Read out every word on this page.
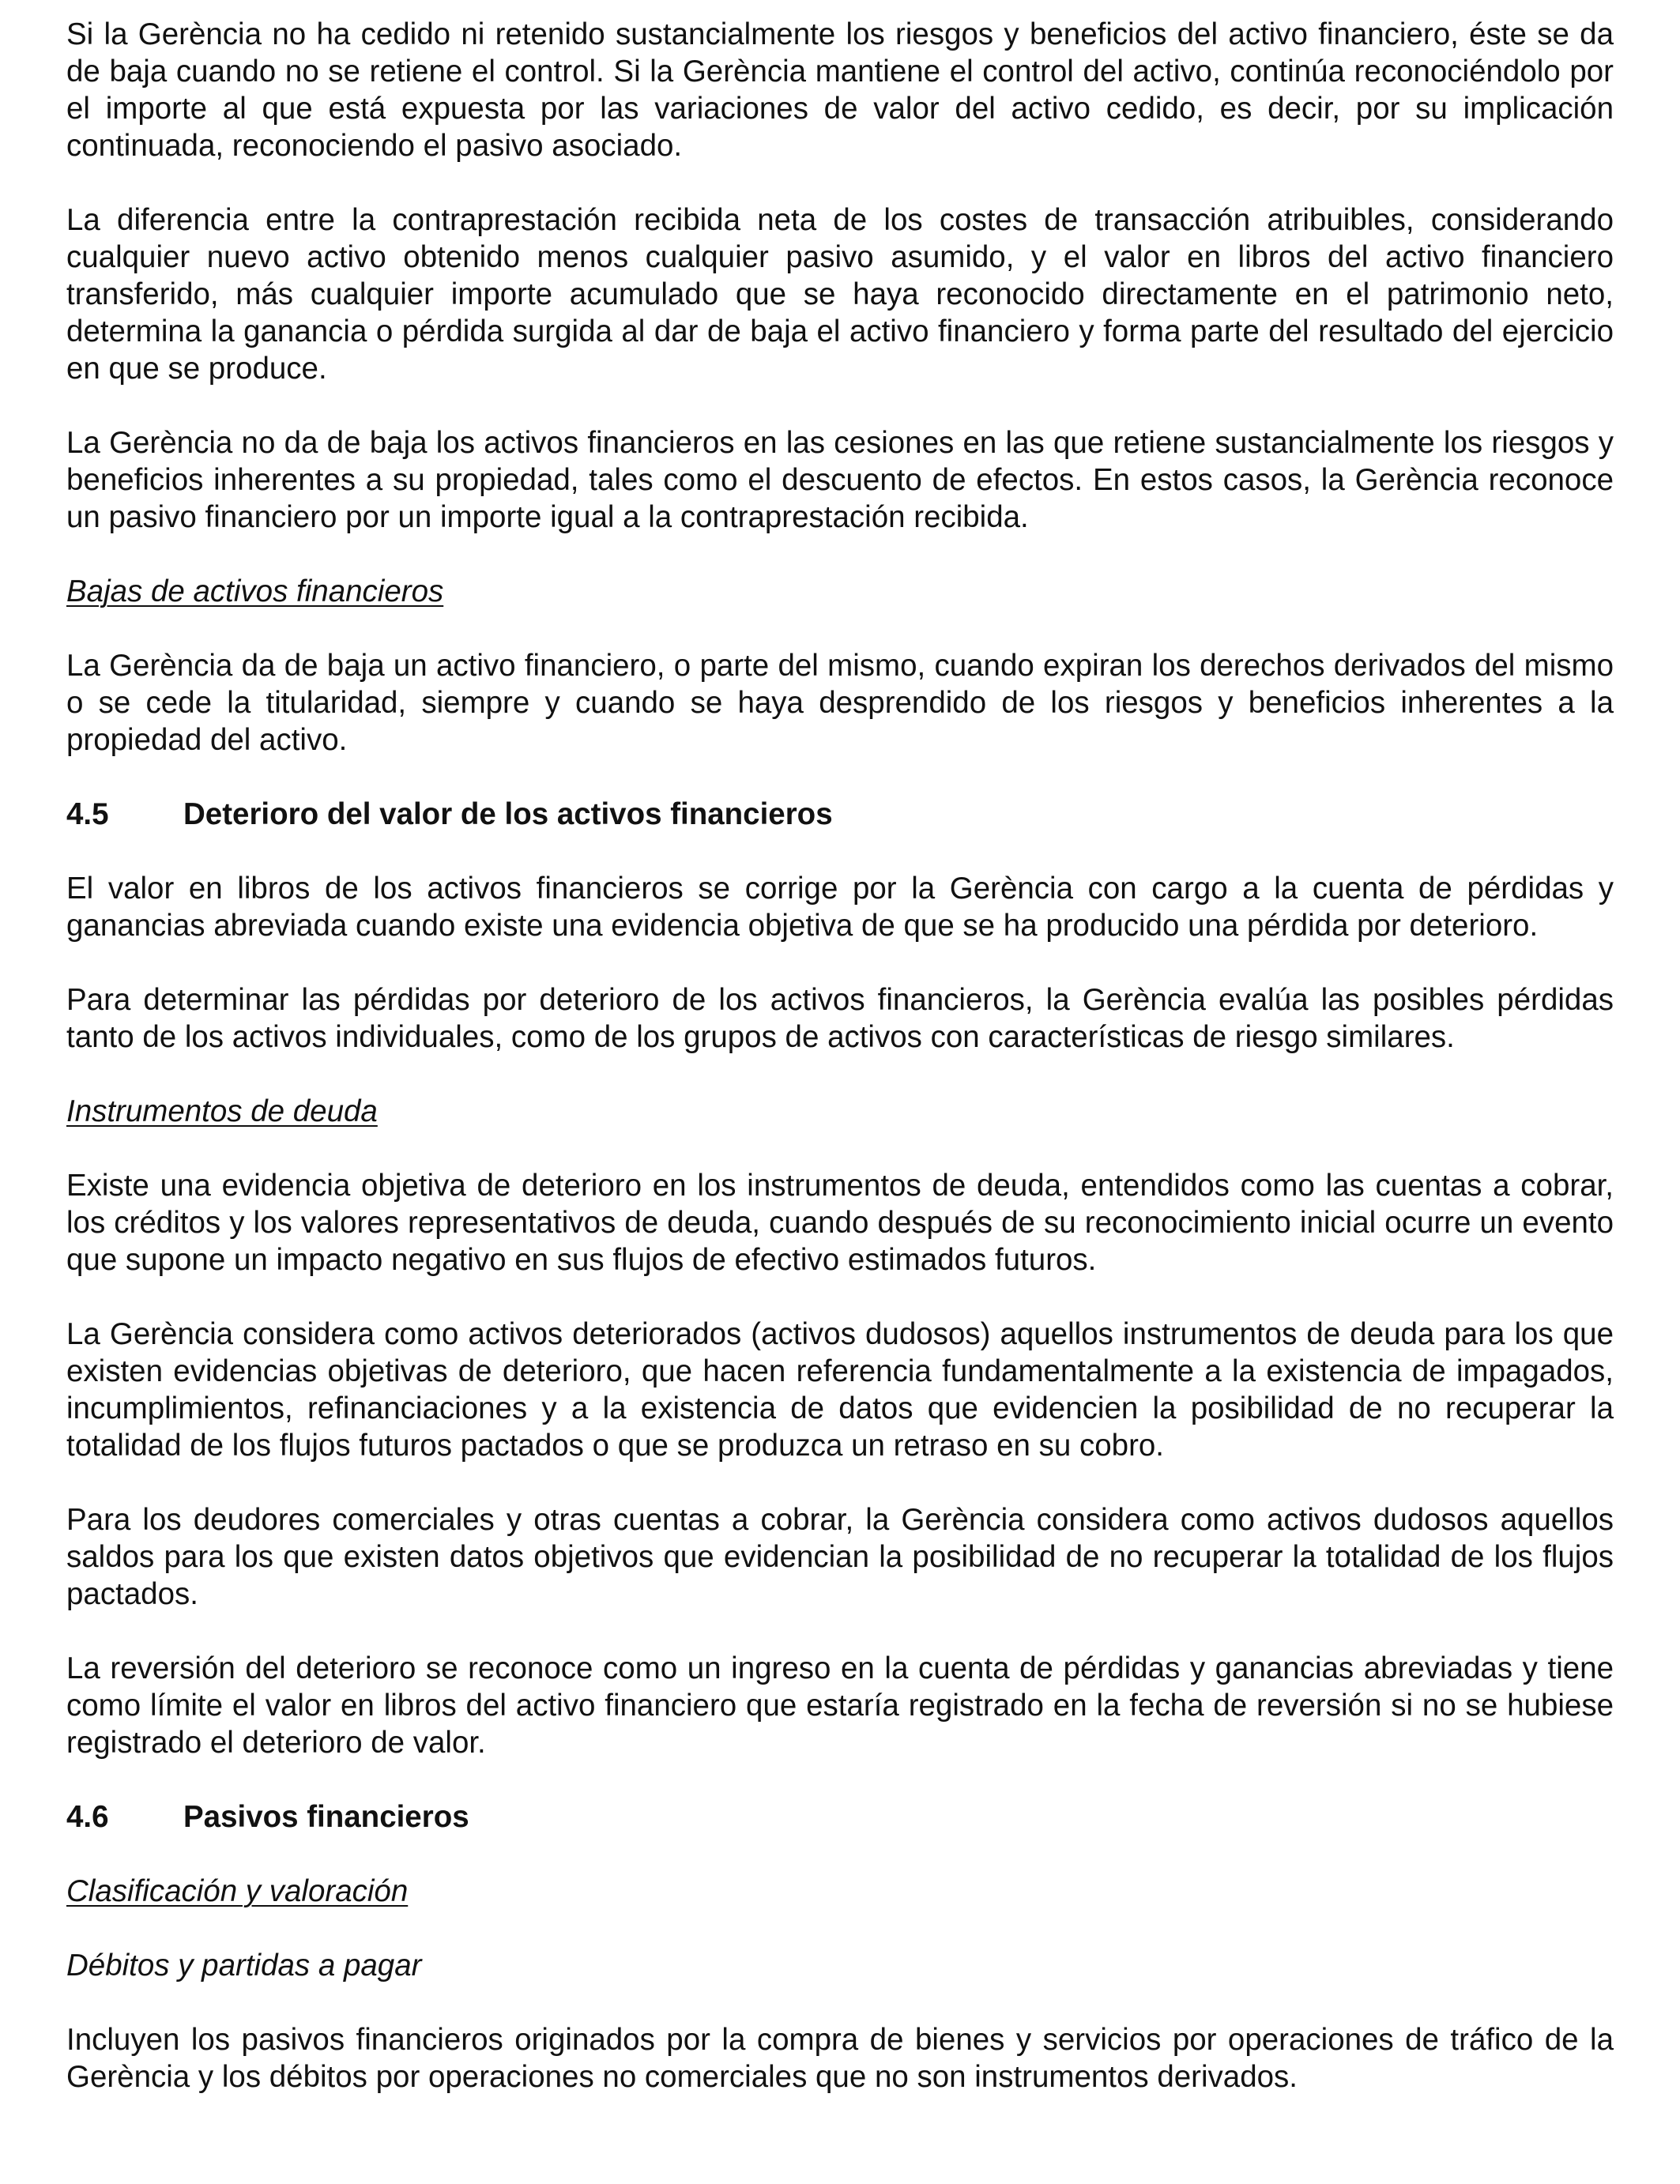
Si la Gerència no ha cedido ni retenido sustancialmente los riesgos y beneficios del activo financiero, éste se da de baja cuando no se retiene el control. Si la Gerència mantiene el control del activo, continúa reconociéndolo por el importe al que está expuesta por las variaciones de valor del activo cedido, es decir, por su implicación continuada, reconociendo el pasivo asociado.

La diferencia entre la contraprestación recibida neta de los costes de transacción atribuibles, considerando cualquier nuevo activo obtenido menos cualquier pasivo asumido, y el valor en libros del activo financiero transferido, más cualquier importe acumulado que se haya reconocido directamente en el patrimonio neto, determina la ganancia o pérdida surgida al dar de baja el activo financiero y forma parte del resultado del ejercicio en que se produce.

La Gerència no da de baja los activos financieros en las cesiones en las que retiene sustancialmente los riesgos y beneficios inherentes a su propiedad, tales como el descuento de efectos. En estos casos, la Gerència reconoce un pasivo financiero por un importe igual a la contraprestación recibida.

Bajas de activos financieros

La Gerència da de baja un activo financiero, o parte del mismo, cuando expiran los derechos derivados del mismo o se cede la titularidad, siempre y cuando se haya desprendido de los riesgos y beneficios inherentes a la propiedad del activo.

4.5	Deterioro del valor de los activos financieros

El valor en libros de los activos financieros se corrige por la Gerència con cargo a la cuenta de pérdidas y ganancias abreviada cuando existe una evidencia objetiva de que se ha producido una pérdida por deterioro.

Para determinar las pérdidas por deterioro de los activos financieros, la Gerència evalúa las posibles pérdidas tanto de los activos individuales, como de los grupos de activos con características de riesgo similares.

Instrumentos de deuda

Existe una evidencia objetiva de deterioro en los instrumentos de deuda, entendidos como las cuentas a cobrar, los créditos y los valores representativos de deuda, cuando después de su reconocimiento inicial ocurre un evento que supone un impacto negativo en sus flujos de efectivo estimados futuros.

La Gerència considera como activos deteriorados (activos dudosos) aquellos instrumentos de deuda para los que existen evidencias objetivas de deterioro, que hacen referencia fundamentalmente a la existencia de impagados, incumplimientos, refinanciaciones y a la existencia de datos que evidencien la posibilidad de no recuperar la totalidad de los flujos futuros pactados o que se produzca un retraso en su cobro.

Para los deudores comerciales y otras cuentas a cobrar, la Gerència considera como activos dudosos aquellos saldos para los que existen datos objetivos que evidencian la posibilidad de no recuperar la totalidad de los flujos pactados.

La reversión del deterioro se reconoce como un ingreso en la cuenta de pérdidas y ganancias abreviadas y tiene como límite el valor en libros del activo financiero que estaría registrado en la fecha de reversión si no se hubiese registrado el deterioro de valor.

4.6	Pasivos financieros

Clasificación y valoración

Débitos y partidas a pagar

Incluyen los pasivos financieros originados por la compra de bienes y servicios por operaciones de tráfico de la Gerència y los débitos por operaciones no comerciales que no son instrumentos derivados.
